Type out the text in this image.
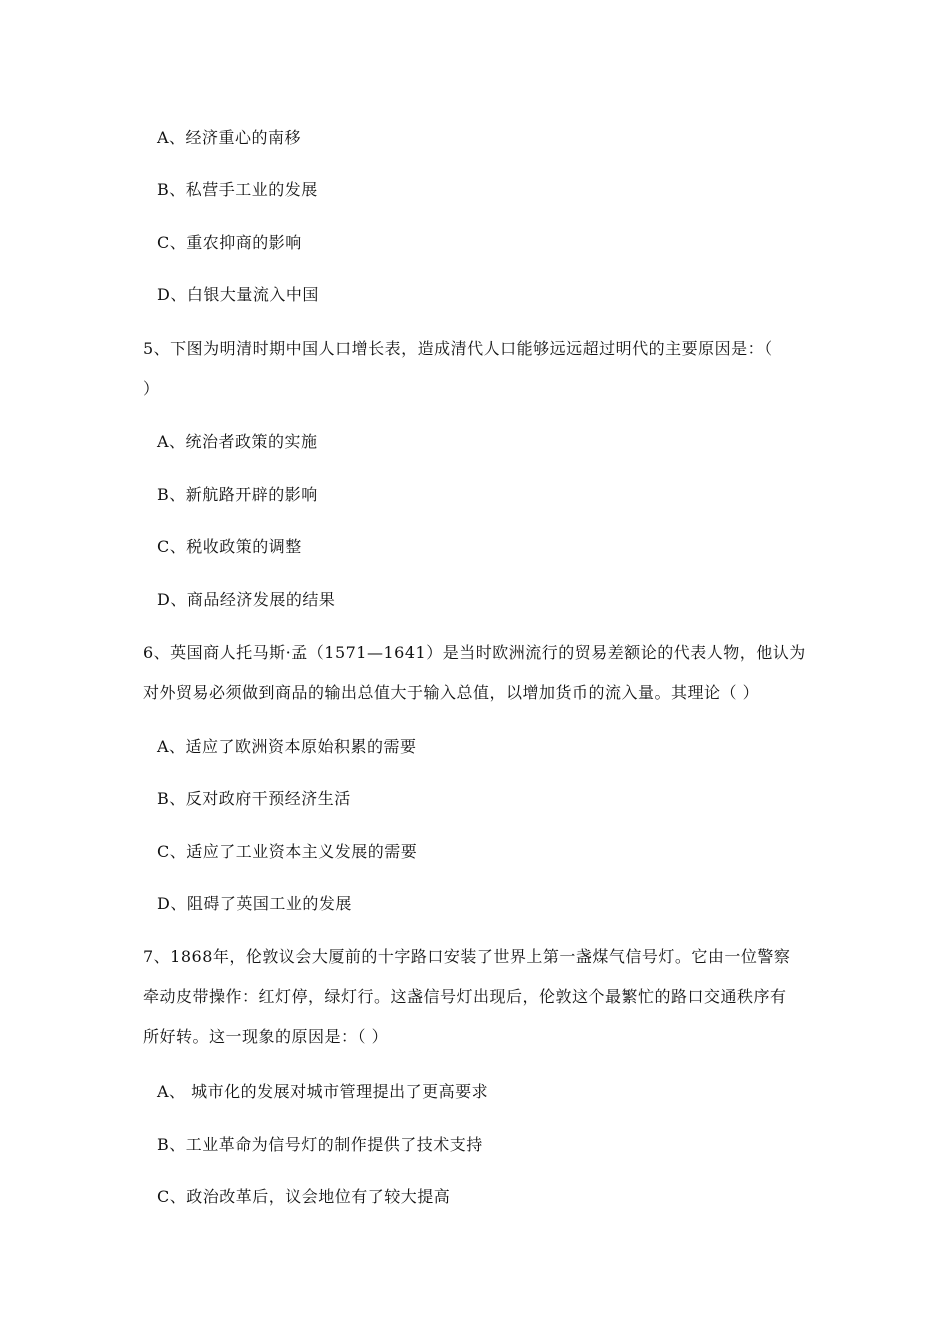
A、经济重心的南移
B、私营手工业的发展
C、重农抑商的影响
D、白银大量流入中国
5、下图为明清时期中国人口增长表，造成清代人口能够远远超过明代的主要原因是：（
）
A、统治者政策的实施
B、新航路开辟的影响
C、税收政策的调整
D、商品经济发展的结果
6、英国商人托马斯·孟（1571—1641）是当时欧洲流行的贸易差额论的代表人物，他认为
对外贸易必须做到商品的输出总值大于输入总值，以增加货币的流入量。其理论（ ）
A、适应了欧洲资本原始积累的需要
B、反对政府干预经济生活
C、适应了工业资本主义发展的需要
D、阻碍了英国工业的发展
7、1868年，伦敦议会大厦前的十字路口安装了世界上第一盏煤气信号灯。它由一位警察
牵动皮带操作：红灯停，绿灯行。这盏信号灯出现后，伦敦这个最繁忙的路口交通秩序有
所好转。这一现象的原因是：（ ）
A、 城市化的发展对城市管理提出了更高要求
B、工业革命为信号灯的制作提供了技术支持
C、政治改革后，议会地位有了较大提高
